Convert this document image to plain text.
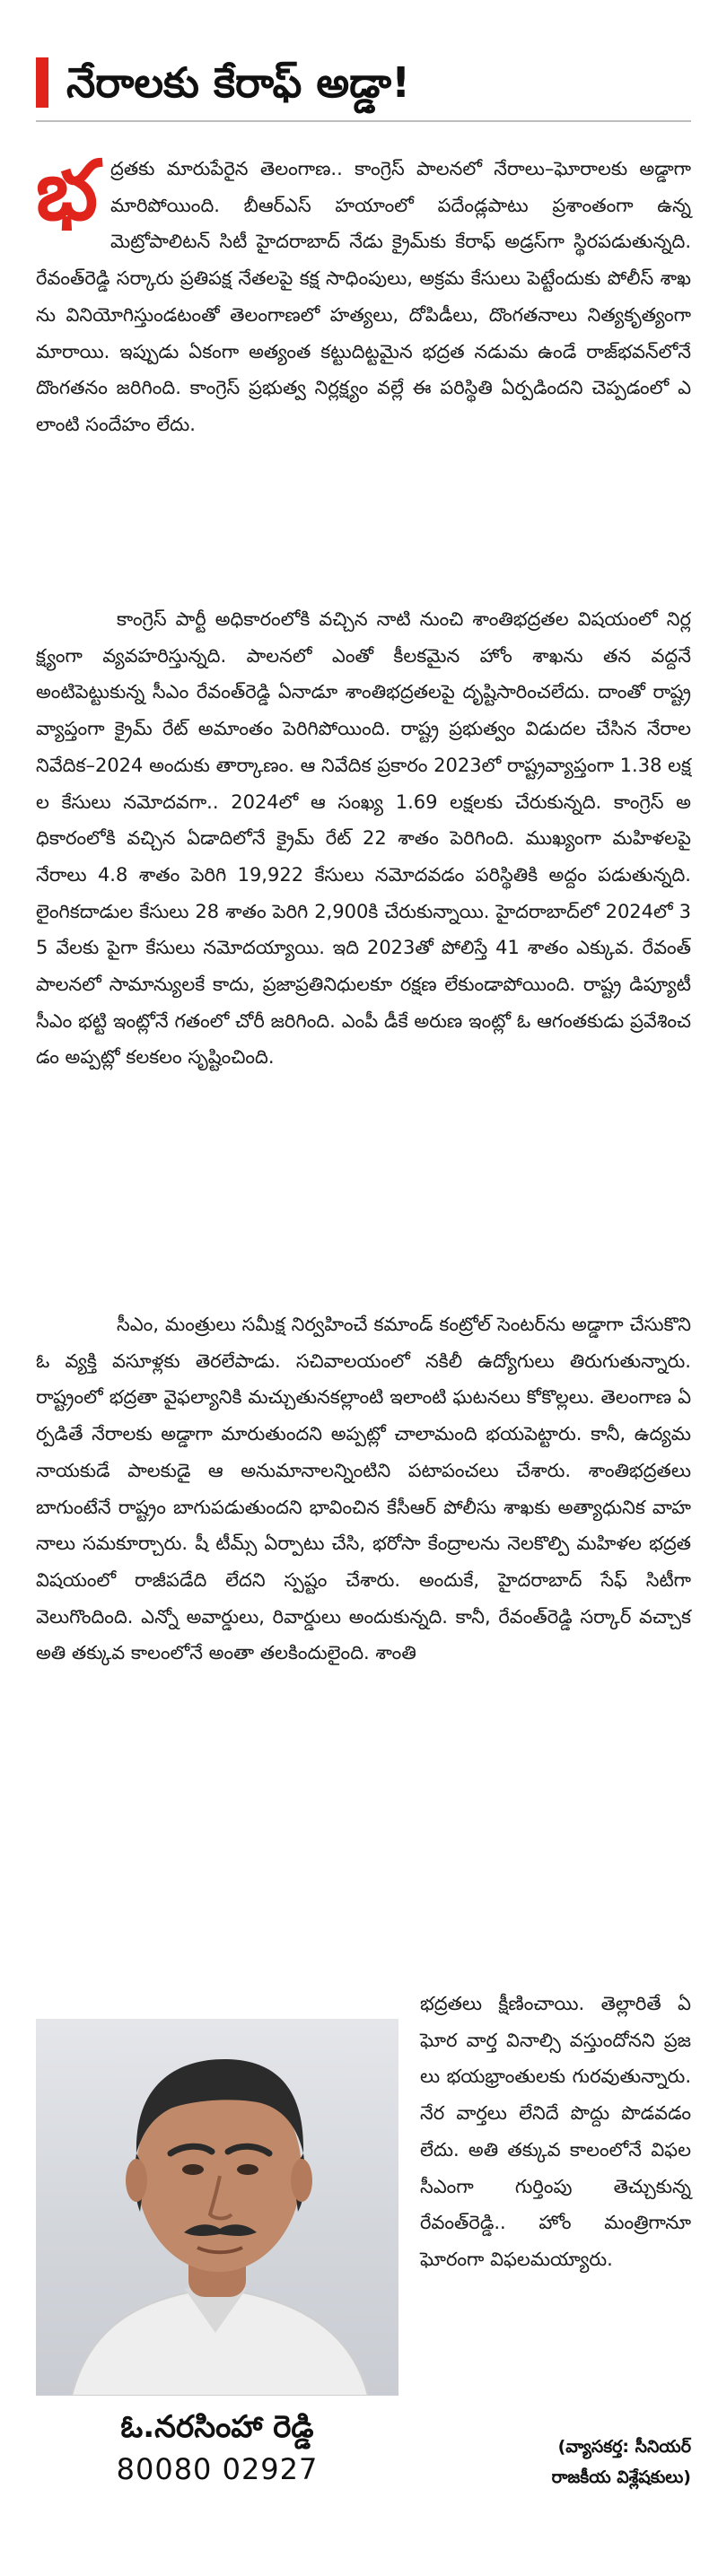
నేరాలకు కేరాఫ్ అడ్డా!

భద్రతకు మారుపేరైన తెలంగాణ.. కాంగ్రెస్ పాలనలో నేరాలు–ఘోరాలకు అడ్డాగా మారిపోయింది. బీఆర్ఎస్ హయాంలో పదేండ్లపాటు ప్రశాంతంగా ఉన్న మెట్రోపాలిటన్ సిటీ హైదరాబాద్ నేడు క్రైమ్‌కు కేరాఫ్ అడ్రస్‌గా స్థిరపడుతున్నది. రేవంత్‌రెడ్డి సర్కారు ప్రతిపక్ష నేతలపై కక్ష సాధింపులు, అక్రమ కేసులు పెట్టేందుకు పోలీస్ శాఖను వినియోగిస్తుండటంతో తెలంగాణలో హత్యలు, దోపిడీలు, దొంగతనాలు నిత్యకృత్యంగా మారాయి. ఇప్పుడు ఏకంగా అత్యంత కట్టుదిట్టమైన భద్రత నడుమ ఉండే రాజ్‌భవన్‌లోనే దొంగతనం జరిగింది. కాంగ్రెస్ ప్రభుత్వ నిర్లక్ష్యం వల్లే ఈ పరిస్థితి ఏర్పడిందని చెప్పడంలో ఎలాంటి సందేహం లేదు.

కాంగ్రెస్ పార్టీ అధికారంలోకి వచ్చిన నాటి నుంచి శాంతిభద్రతల విషయంలో నిర్లక్ష్యంగా వ్యవహరిస్తున్నది. పాలనలో ఎంతో కీలకమైన హోం శాఖను తన వద్దనే అంటిపెట్టుకున్న సీఎం రేవంత్‌రెడ్డి ఏనాడూ శాంతిభద్రతలపై దృష్టిసారించలేదు. దాంతో రాష్ట్రవ్యాప్తంగా క్రైమ్ రేట్ అమాంతం పెరిగిపోయింది. రాష్ట్ర ప్రభుత్వం విడుదల చేసిన నేరాల నివేదిక–2024 అందుకు తార్కాణం. ఆ నివేదిక ప్రకారం 2023లో రాష్ట్రవ్యాప్తంగా 1.38 లక్షల కేసులు నమోదవగా.. 2024లో ఆ సంఖ్య 1.69 లక్షలకు చేరుకున్నది. కాంగ్రెస్ అధికారంలోకి వచ్చిన ఏడాదిలోనే క్రైమ్ రేట్ 22 శాతం పెరిగింది. ముఖ్యంగా మహిళలపై నేరాలు 4.8 శాతం పెరిగి 19,922 కేసులు నమోదవడం పరిస్థితికి అద్దం పడుతున్నది. లైంగికదాడుల కేసులు 28 శాతం పెరిగి 2,900కి చేరుకున్నాయి. హైదరాబాద్‌లో 2024లో 35 వేలకు పైగా కేసులు నమోదయ్యాయి. ఇది 2023తో పోలిస్తే 41 శాతం ఎక్కువ. రేవంత్ పాలనలో సామాన్యులకే కాదు, ప్రజాప్రతినిధులకూ రక్షణ లేకుండాపోయింది. రాష్ట్ర డిప్యూటీ సీఎం భట్టి ఇంట్లోనే గతంలో చోరీ జరిగింది. ఎంపీ డీకే అరుణ ఇంట్లో ఓ ఆగంతకుడు ప్రవేశించడం అప్పట్లో కలకలం సృష్టించింది.

సీఎం, మంత్రులు సమీక్ష నిర్వహించే కమాండ్ కంట్రోల్ సెంటర్‌ను అడ్డాగా చేసుకొని ఓ వ్యక్తి వసూళ్లకు తెరలేపాడు. సచివాలయంలో నకిలీ ఉద్యోగులు తిరుగుతున్నారు. రాష్ట్రంలో భద్రతా వైఫల్యానికి మచ్చుతునకల్లాంటి ఇలాంటి ఘటనలు కోకొల్లలు. తెలంగాణ ఏర్పడితే నేరాలకు అడ్డాగా మారుతుందని అప్పట్లో చాలామంది భయపెట్టారు. కానీ, ఉద్యమ నాయకుడే పాలకుడై ఆ అనుమానాలన్నింటిని పటాపంచలు చేశారు. శాంతిభద్రతలు బాగుంటేనే రాష్ట్రం బాగుపడుతుందని భావించిన కేసీఆర్ పోలీసు శాఖకు అత్యాధునిక వాహనాలు సమకూర్చారు. షీ టీమ్స్ ఏర్పాటు చేసి, భరోసా కేంద్రాలను నెలకొల్పి మహిళల భద్రత విషయంలో రాజీపడేది లేదని స్పష్టం చేశారు. అందుకే, హైదరాబాద్ సేఫ్ సిటీగా వెలుగొందింది. ఎన్నో అవార్డులు, రివార్డులు అందుకున్నది. కానీ, రేవంత్‌రెడ్డి సర్కార్ వచ్చాక అతి తక్కువ కాలంలోనే అంతా తలకిందులైంది. శాంతి

భద్రతలు క్షీణించాయి. తెల్లారితే ఏ ఘోర వార్త వినాల్సి వస్తుందోనని ప్రజలు భయభ్రాంతులకు గురవుతున్నారు. నేర వార్తలు లేనిదే పొద్దు పొడవడం లేదు. అతి తక్కువ కాలంలోనే విఫల సీఎంగా గుర్తింపు తెచ్చుకున్న రేవంత్‌రెడ్డి.. హోం మంత్రిగానూ ఘోరంగా విఫలమయ్యారు.

ఓ.నరసింహా రెడ్డి
80080 02927
(వ్యాసకర్త: సీనియర్
రాజకీయ విశ్లేషకులు)
